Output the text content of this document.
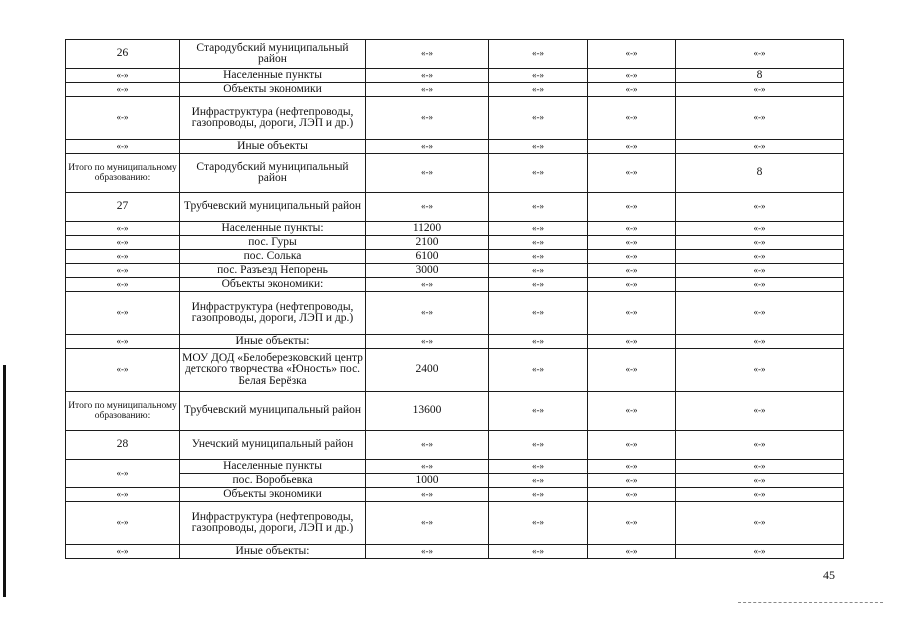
26	Стародубский муниципальный район	«-»	«-»	«-»	«-»
«-»	Населенные пункты	«-»	«-»	«-»	8
«-»	Объекты экономики	«-»	«-»	«-»	«-»
«-»	Инфраструктура (нефтепроводы, газопроводы, дороги, ЛЭП и др.)	«-»	«-»	«-»	«-»
«-»	Иные объекты	«-»	«-»	«-»	«-»
Итого по муниципальному образованию:	Стародубский муниципальный район	«-»	«-»	«-»	8
27	Трубчевский муниципальный район	«-»	«-»	«-»	«-»
«-»	Населенные пункты:	11200	«-»	«-»	«-»
«-»	пос. Гуры	2100	«-»	«-»	«-»
«-»	пос. Солька	6100	«-»	«-»	«-»
«-»	пос. Разъезд Непорень	3000	«-»	«-»	«-»
«-»	Объекты экономики:	«-»	«-»	«-»	«-»
«-»	Инфраструктура (нефтепроводы, газопроводы, дороги, ЛЭП и др.)	«-»	«-»	«-»	«-»
«-»	Иные объекты:	«-»	«-»	«-»	«-»
«-»	МОУ ДОД «Белоберезковский центр детского творчества «Юность» пос. Белая Берёзка	2400	«-»	«-»	«-»
Итого по муниципальному образованию:	Трубчевский муниципальный район	13600	«-»	«-»	«-»
28	Унечский муниципальный район	«-»	«-»	«-»	«-»
«-»	Населенные пункты	«-»	«-»	«-»	«-»
	пос. Воробьевка	1000	«-»	«-»	«-»
«-»	Объекты экономики	«-»	«-»	«-»	«-»
«-»	Инфраструктура (нефтепроводы, газопроводы, дороги, ЛЭП и др.)	«-»	«-»	«-»	«-»
«-»	Иные объекты:	«-»	«-»	«-»	«-»
45
